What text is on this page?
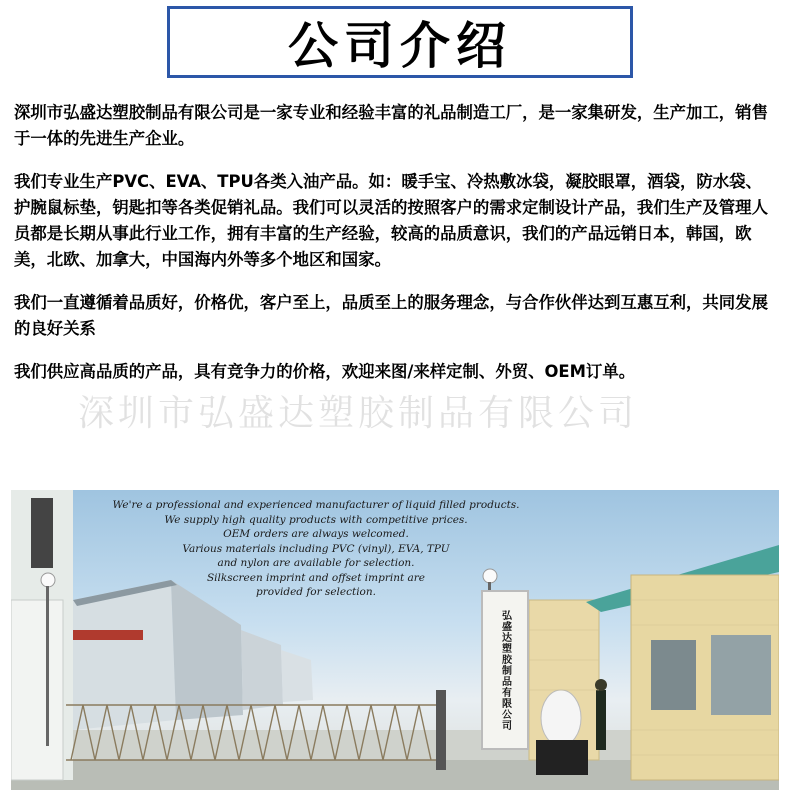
公司介绍

深圳市弘盛达塑胶制品有限公司是一家专业和经验丰富的礼品制造工厂，是一家集研发，生产加工，销售于一体的先进生产企业。

我们专业生产PVC、EVA、TPU各类入油产品。如：暖手宝、冷热敷冰袋，凝胶眼罩，酒袋，防水袋、护腕鼠标垫，钥匙扣等各类促销礼品。我们可以灵活的按照客户的需求定制设计产品，我们生产及管理人员都是长期从事此行业工作，拥有丰富的生产经验，较高的品质意识，我们的产品远销日本，韩国，欧美，北欧、加拿大，中国海内外等多个地区和国家。

我们一直遵循着品质好，价格优，客户至上，品质至上的服务理念，与合作伙伴达到互惠互利，共同发展的良好关系

我们供应高品质的产品，具有竞争力的价格，欢迎来图/来样定制、外贸、OEM订单。

深圳市弘盛达塑胶制品有限公司
We're a professional and experienced manufacturer of liquid filled products.
We supply high quality products with competitive prices.
OEM orders are always welcomed.
Various materials including PVC (vinyl), EVA, TPU
and nylon are available for selection.
Silkscreen imprint and offset imprint are
provided for selection.
弘盛达塑胶制品有限公司
